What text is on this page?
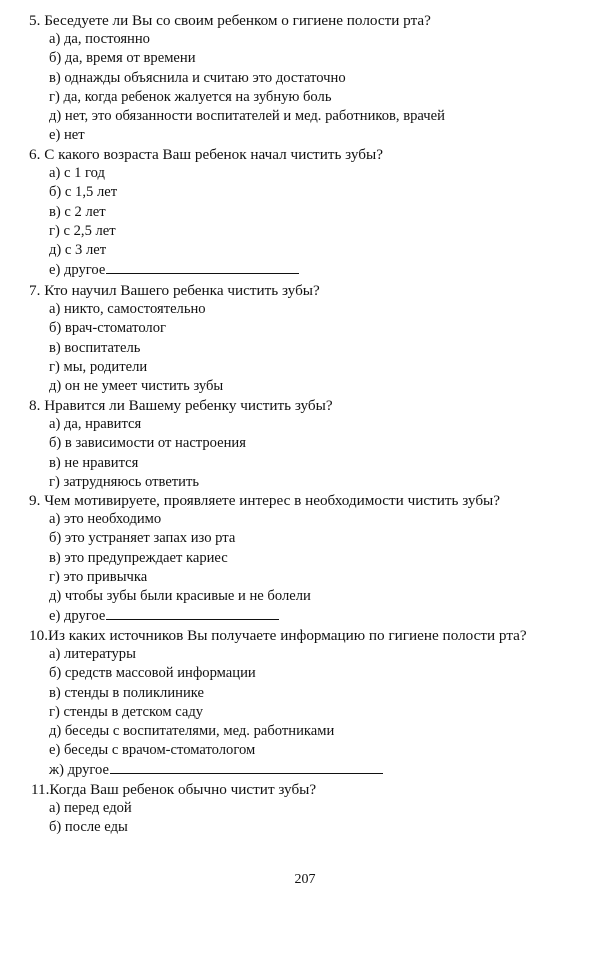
5. Беседуете ли Вы со своим ребенком о гигиене полости рта?
а) да, постоянно
б) да, время от времени
в) однажды объяснила и считаю это достаточно
г) да, когда ребенок жалуется на зубную боль
д) нет, это обязанности воспитателей и мед. работников, врачей
е) нет
6. С какого возраста Ваш ребенок начал чистить зубы?
а) с 1 год
б) с 1,5 лет
в) с 2 лет
г) с 2,5 лет
д) с 3 лет
е) другое
7. Кто научил Вашего ребенка чистить зубы?
а) никто, самостоятельно
б) врач-стоматолог
в) воспитатель
г) мы, родители
д) он не умеет чистить зубы
8. Нравится ли Вашему ребенку чистить зубы?
а) да, нравится
б) в зависимости от настроения
в) не нравится
г) затрудняюсь ответить
9. Чем мотивируете, проявляете интерес в необходимости чистить зубы?
а) это необходимо
б) это устраняет запах изо рта
в) это предупреждает кариес
г) это привычка
д) чтобы зубы были красивые и не болели
е) другое
10.Из каких источников Вы получаете информацию по гигиене полости рта?
а) литературы
б) средств массовой информации
в) стенды в поликлинике
г) стенды в детском саду
д) беседы с воспитателями, мед. работниками
е) беседы с врачом-стоматологом
ж) другое
11.Когда Ваш ребенок обычно чистит зубы?
а) перед едой
б) после еды
207
